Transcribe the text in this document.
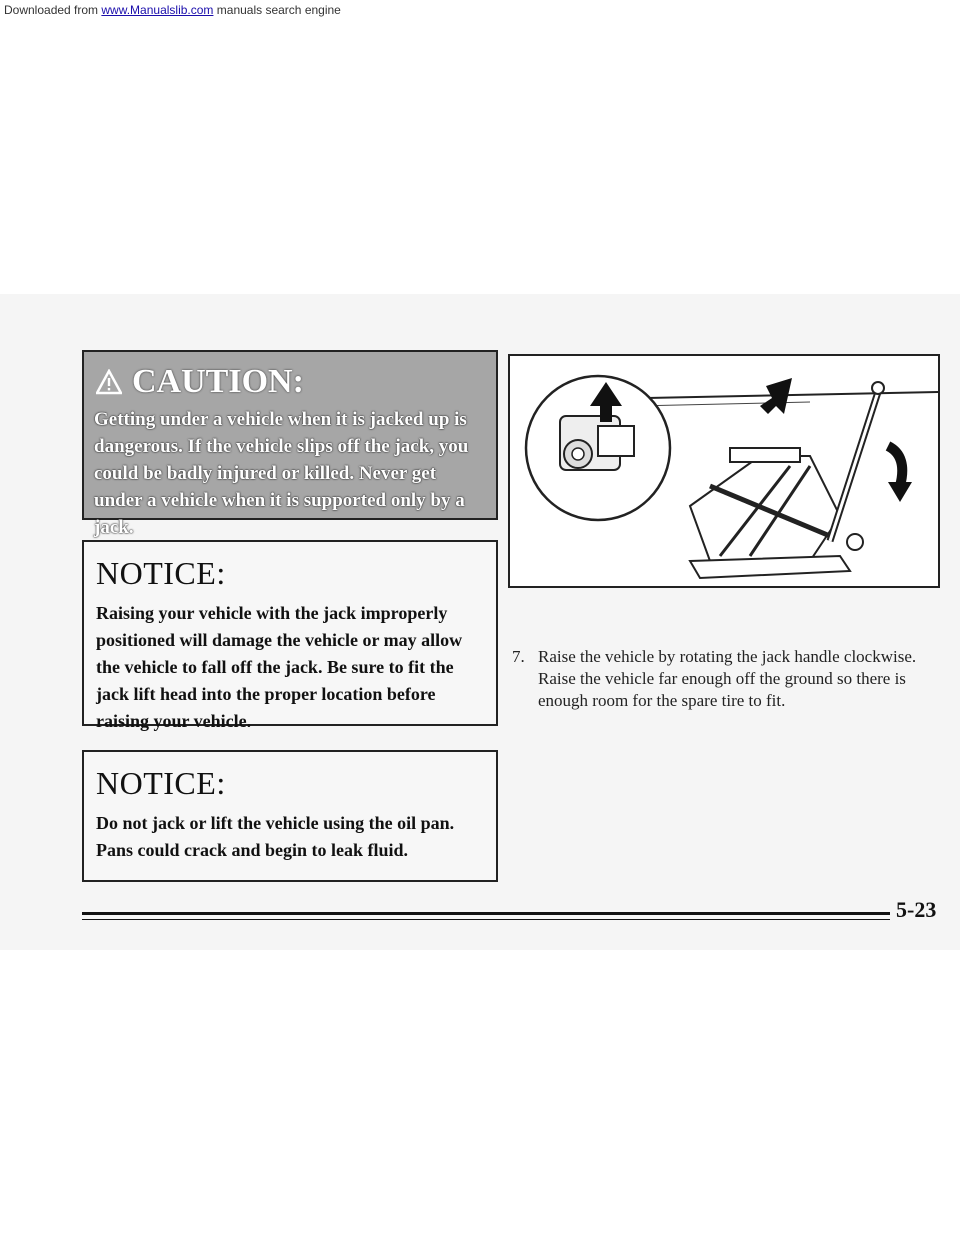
Downloaded from www.Manualslib.com manuals search engine
CAUTION:
Getting under a vehicle when it is jacked up is dangerous. If the vehicle slips off the jack, you could be badly injured or killed. Never get under a vehicle when it is supported only by a jack.
NOTICE:
Raising your vehicle with the jack improperly positioned will damage the vehicle or may allow the vehicle to fall off the jack. Be sure to fit the jack lift head into the proper location before raising your vehicle.
NOTICE:
Do not jack or lift the vehicle using the oil pan. Pans could crack and begin to leak fluid.
7. Raise the vehicle by rotating the jack handle clockwise. Raise the vehicle far enough off the ground so there is enough room for the spare tire to fit.
5-23
